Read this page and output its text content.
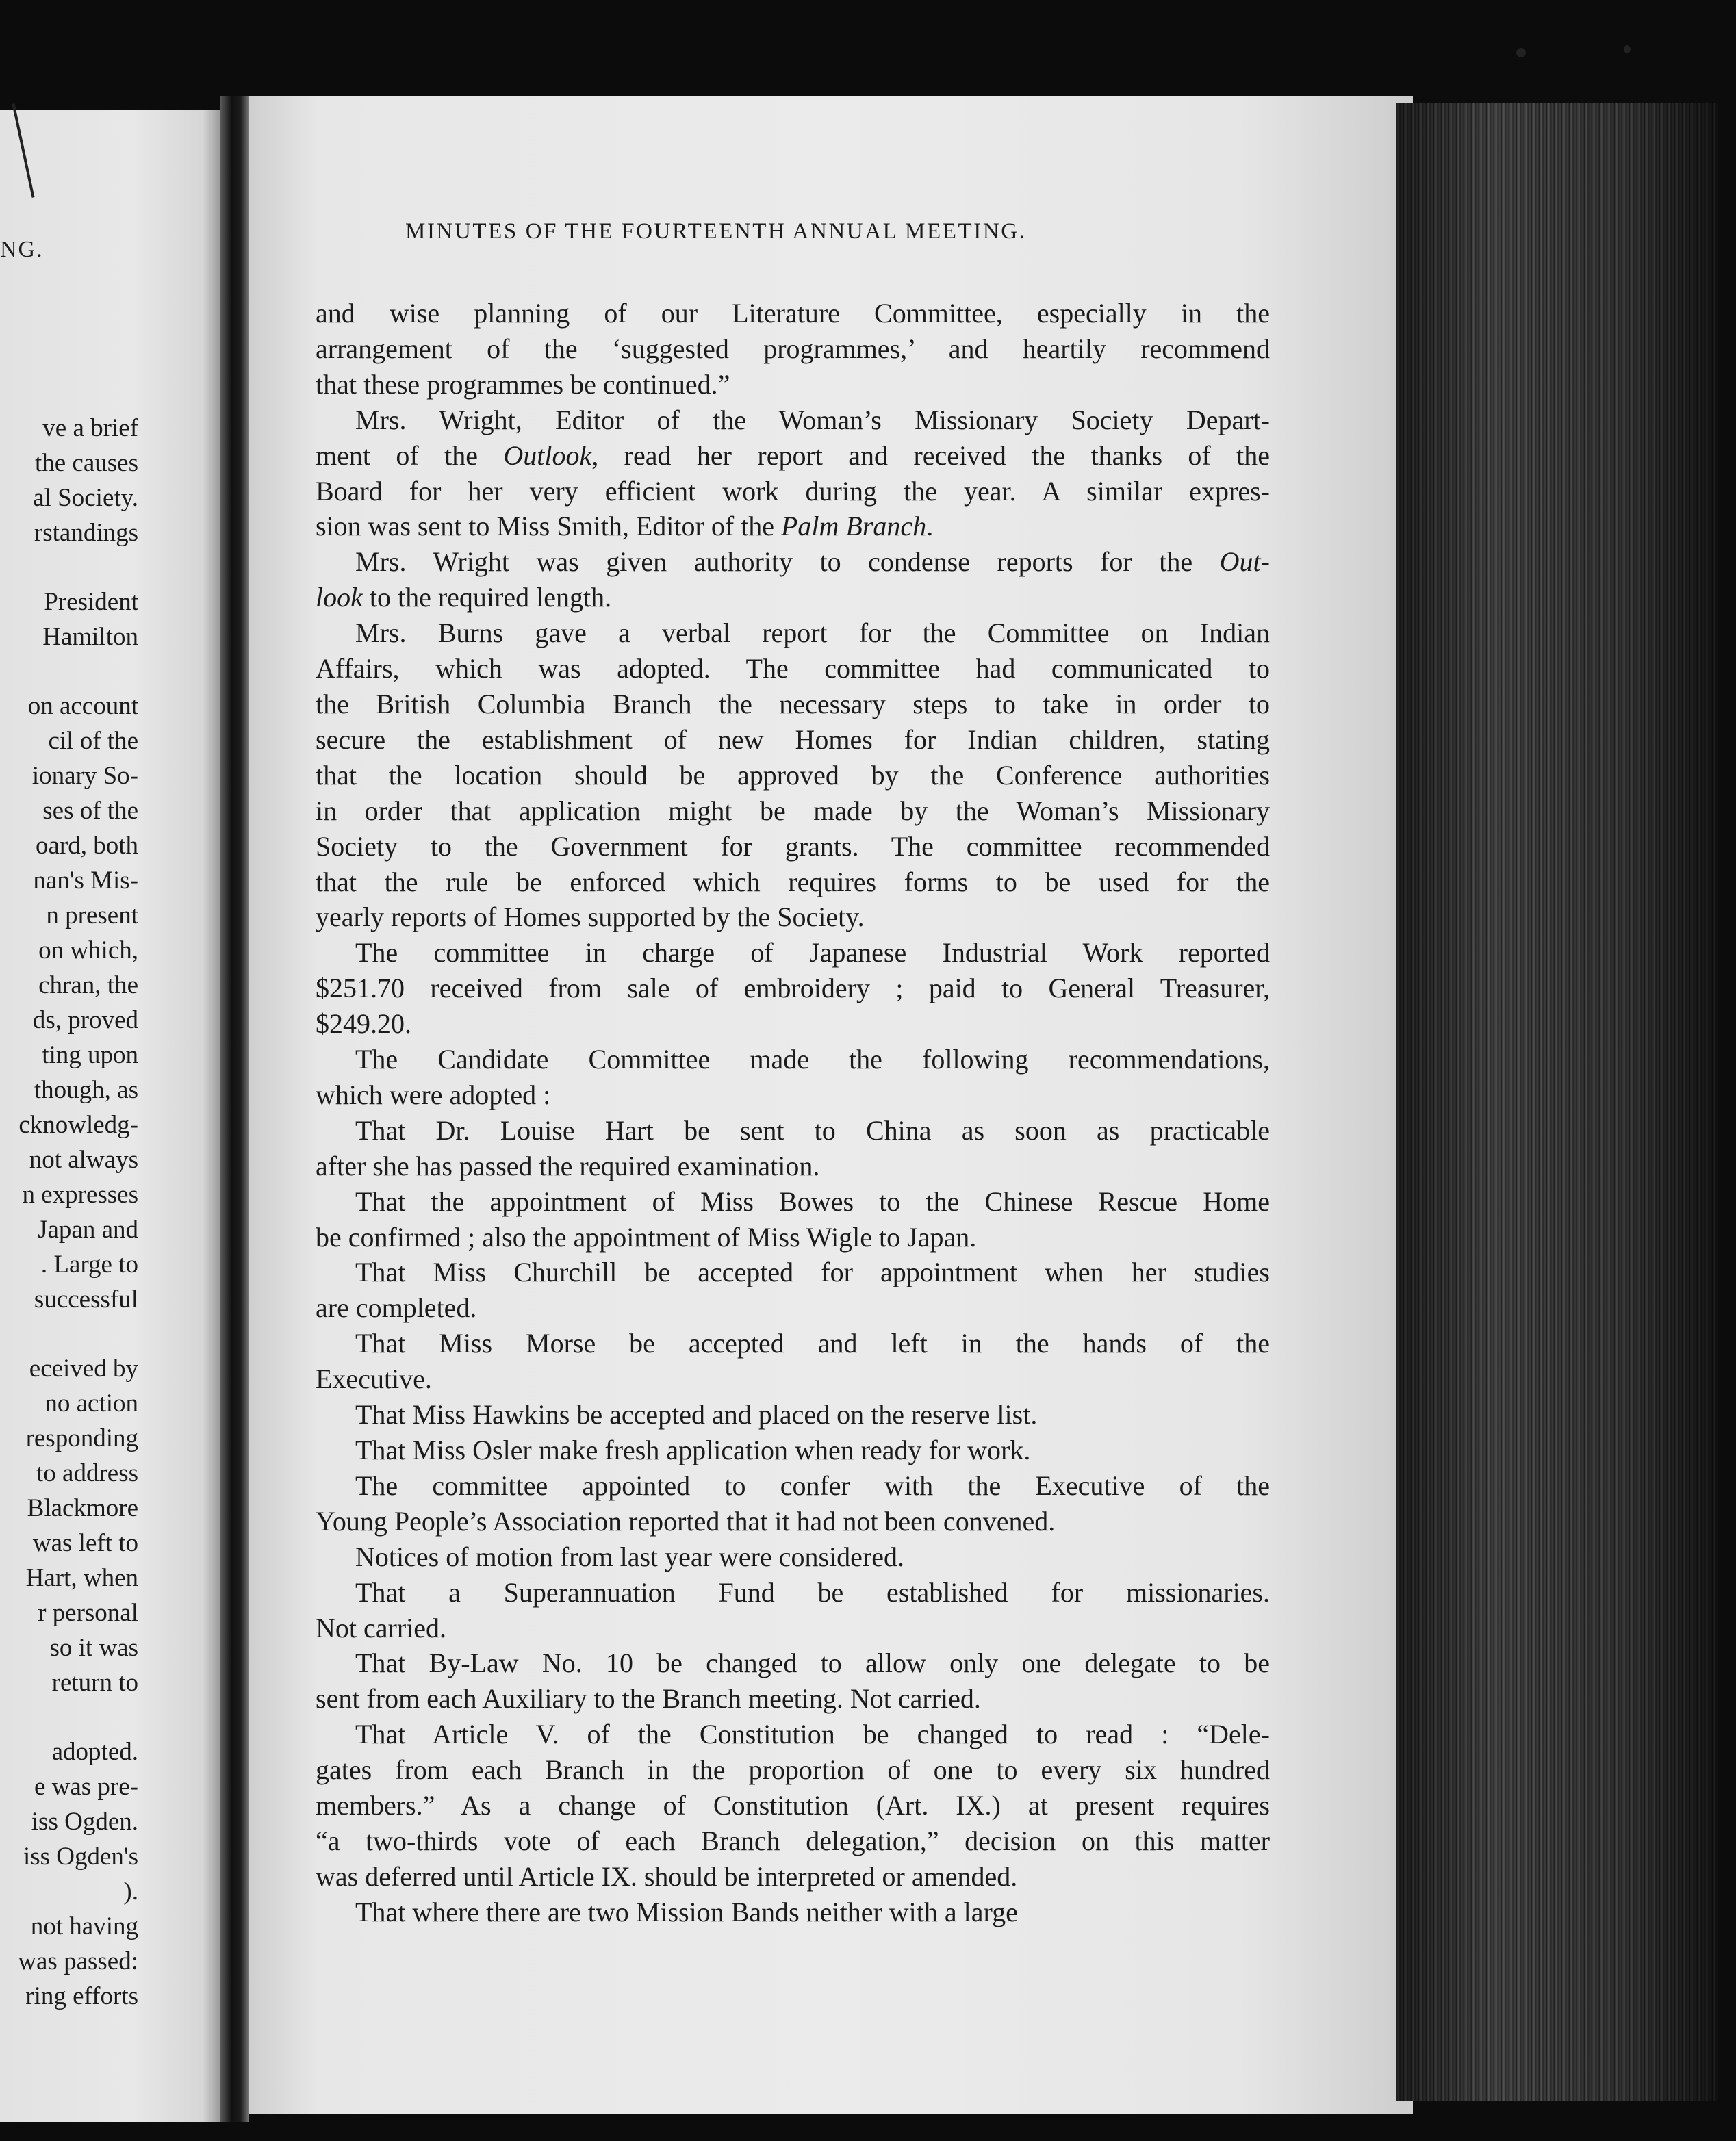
NG.
ve a brief
the causes
al Society.
rstandings
President
Hamilton
on account
cil of the
ionary So-
ses of the
oard, both
nan's Mis-
n present
on which,
chran, the
ds, proved
ting upon
though, as
cknowledg-
not always
n expresses
Japan and
. Large to
successful
eceived by
no action
responding
to address
Blackmore
was left to
Hart, when
r personal
so it was
return to
adopted.
e was pre-
iss Ogden.
iss Ogden's
).
not having
was passed:
ring efforts
MINUTES OF THE FOURTEENTH ANNUAL MEETING.
and wise planning of our Literature Committee, especially in the
arrangement of the ‘suggested programmes,’ and heartily recommend
that these programmes be continued.”
Mrs. Wright, Editor of the Woman’s Missionary Society Depart-
ment of the Outlook, read her report and received the thanks of the
Board for her very efficient work during the year. A similar expres-
sion was sent to Miss Smith, Editor of the Palm Branch.
Mrs. Wright was given authority to condense reports for the Out-
look to the required length.
Mrs. Burns gave a verbal report for the Committee on Indian
Affairs, which was adopted. The committee had communicated to
the British Columbia Branch the necessary steps to take in order to
secure the establishment of new Homes for Indian children, stating
that the location should be approved by the Conference authorities
in order that application might be made by the Woman’s Missionary
Society to the Government for grants. The committee recommended
that the rule be enforced which requires forms to be used for the
yearly reports of Homes supported by the Society.
The committee in charge of Japanese Industrial Work reported
$251.70 received from sale of embroidery ; paid to General Treasurer,
$249.20.
The Candidate Committee made the following recommendations,
which were adopted :
That Dr. Louise Hart be sent to China as soon as practicable
after she has passed the required examination.
That the appointment of Miss Bowes to the Chinese Rescue Home
be confirmed ; also the appointment of Miss Wigle to Japan.
That Miss Churchill be accepted for appointment when her studies
are completed.
That Miss Morse be accepted and left in the hands of the
Executive.
That Miss Hawkins be accepted and placed on the reserve list.
That Miss Osler make fresh application when ready for work.
The committee appointed to confer with the Executive of the
Young People’s Association reported that it had not been convened.
Notices of motion from last year were considered.
That a Superannuation Fund be established for missionaries.
Not carried.
That By-Law No. 10 be changed to allow only one delegate to be
sent from each Auxiliary to the Branch meeting. Not carried.
That Article V. of the Constitution be changed to read : “Dele-
gates from each Branch in the proportion of one to every six hundred
members.” As a change of Constitution (Art. IX.) at present requires
“a two-thirds vote of each Branch delegation,” decision on this matter
was deferred until Article IX. should be interpreted or amended.
That where there are two Mission Bands neither with a large
